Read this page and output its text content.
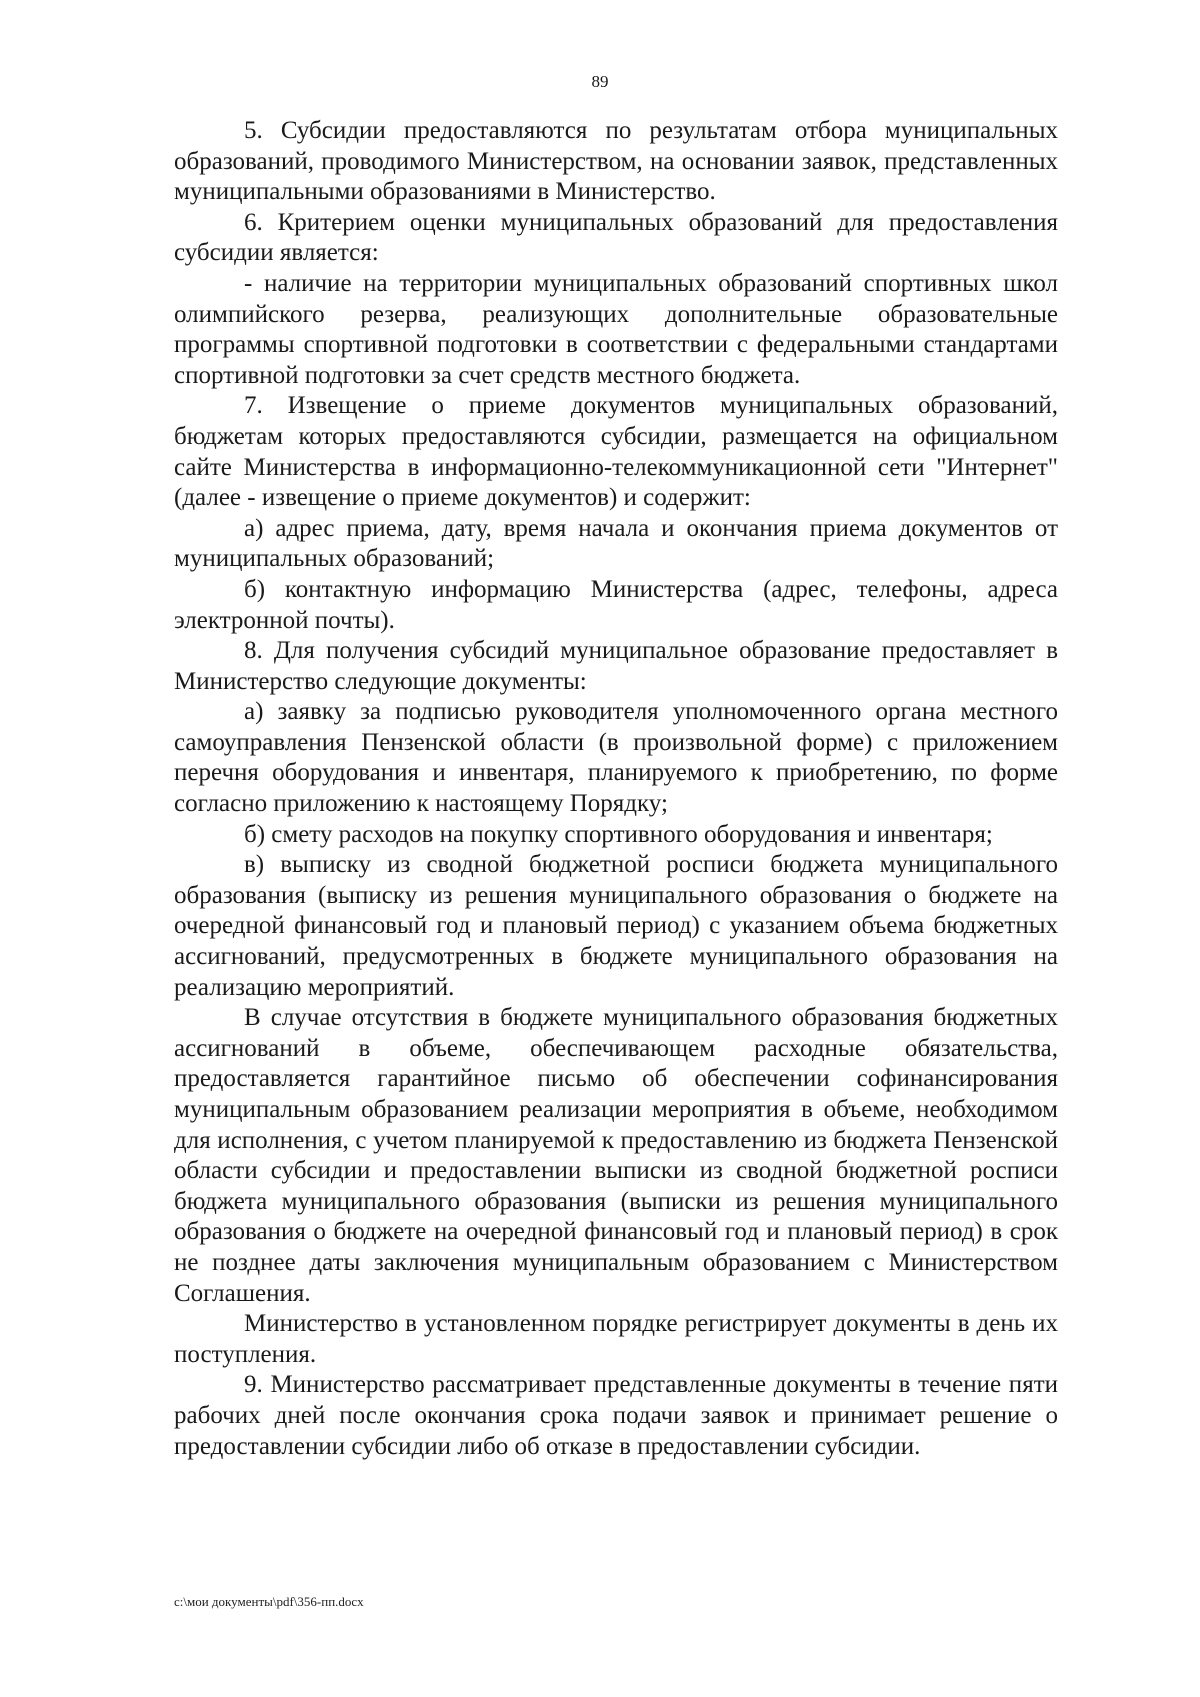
89

5. Субсидии предоставляются по результатам отбора муниципальных образований, проводимого Министерством, на основании заявок, представленных муниципальными образованиями в Министерство.

6. Критерием оценки муниципальных образований для предоставления субсидии является:

- наличие на территории муниципальных образований спортивных школ олимпийского резерва, реализующих дополнительные образовательные программы спортивной подготовки в соответствии с федеральными стандартами спортивной подготовки за счет средств местного бюджета.

7. Извещение о приеме документов муниципальных образований, бюджетам которых предоставляются субсидии, размещается на официальном сайте Министерства в информационно-телекоммуникационной сети "Интернет" (далее - извещение о приеме документов) и содержит:

а) адрес приема, дату, время начала и окончания приема документов от муниципальных образований;

б) контактную информацию Министерства (адрес, телефоны, адреса электронной почты).

8. Для получения субсидий муниципальное образование предоставляет в Министерство следующие документы:

а) заявку за подписью руководителя уполномоченного органа местного самоуправления Пензенской области (в произвольной форме) с приложением перечня оборудования и инвентаря, планируемого к приобретению, по форме согласно приложению к настоящему Порядку;

б) смету расходов на покупку спортивного оборудования и инвентаря;

в) выписку из сводной бюджетной росписи бюджета муниципального образования (выписку из решения муниципального образования о бюджете на очередной финансовый год и плановый период) с указанием объема бюджетных ассигнований, предусмотренных в бюджете муниципального образования на реализацию мероприятий.

В случае отсутствия в бюджете муниципального образования бюджетных ассигнований в объеме, обеспечивающем расходные обязательства, предоставляется гарантийное письмо об обеспечении софинансирования муниципальным образованием реализации мероприятия в объеме, необходимом для исполнения, с учетом планируемой к предоставлению из бюджета Пензенской области субсидии и предоставлении выписки из сводной бюджетной росписи бюджета муниципального образования (выписки из решения муниципального образования о бюджете на очередной финансовый год и плановый период) в срок не позднее даты заключения муниципальным образованием с Министерством Соглашения.

Министерство в установленном порядке регистрирует документы в день их поступления.

9. Министерство рассматривает представленные документы в течение пяти рабочих дней после окончания срока подачи заявок и принимает решение о предоставлении субсидии либо об отказе в предоставлении субсидии.

c:\мои документы\pdf\356-пп.docx
